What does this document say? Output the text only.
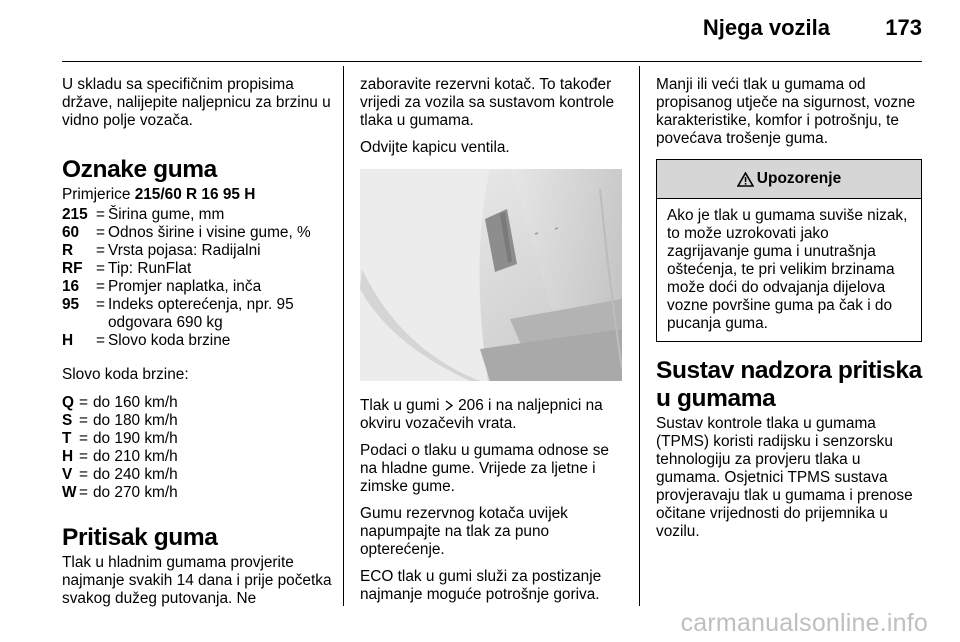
Njega vozila	173

U skladu sa specifičnim propisima države, nalijepite naljepnicu za brzinu u vidno polje vozača.

Oznake guma
Primjerice 215/60 R 16 95 H
215 = Širina gume, mm
60	= Odnos širine i visine gume, %
R	= Vrsta pojasa: Radijalni
RF = Tip: RunFlat
16	= Promjer naplatka, inča
95	= Indeks opterećenja, npr. 95 odgovara 690 kg
H	= Slovo koda brzine

Slovo koda brzine:

Q = do 160 km/h
S = do 180 km/h
T = do 190 km/h
H = do 210 km/h
V = do 240 km/h
W = do 270 km/h
Pritisak guma

Tlak u hladnim gumama provjerite najmanje svakih 14 dana i prije početka svakog dužeg putovanja. Ne

zaboravite rezervni kotač. To također vrijedi za vozila sa sustavom kontrole tlaka u gumama.

Odvijte kapicu ventila.

Tlak u gumi  206 i na naljepnici na okviru vozačevih vrata.

Podaci o tlaku u gumama odnose se na hladne gume. Vrijede za ljetne i zimske gume.

Gumu rezervnog kotača uvijek napumpajte na tlak za puno opterećenje.

ECO tlak u gumi služi za postizanje najmanje moguće potrošnje goriva.

Manji ili veći tlak u gumama od propisanog utječe na sigurnost, vozne karakteristike, komfor i potrošnju, te povećava trošenje guma.

Upozorenje
Ako je tlak u gumama suviše nizak, to može uzrokovati jako zagrijavanje guma i unutrašnja oštećenja, te pri velikim brzinama može doći do odvajanja dijelova vozne površine guma pa čak i do pucanja guma.
Sustav nadzora pritiska u gumama

Sustav kontrole tlaka u gumama (TPMS) koristi radijsku i senzorsku tehnologiju za provjeru tlaka u gumama. Osjetnici TPMS sustava provjeravaju tlak u gumama i prenose očitane vrijednosti do prijemnika u vozilu.

carmanualsonline.info
